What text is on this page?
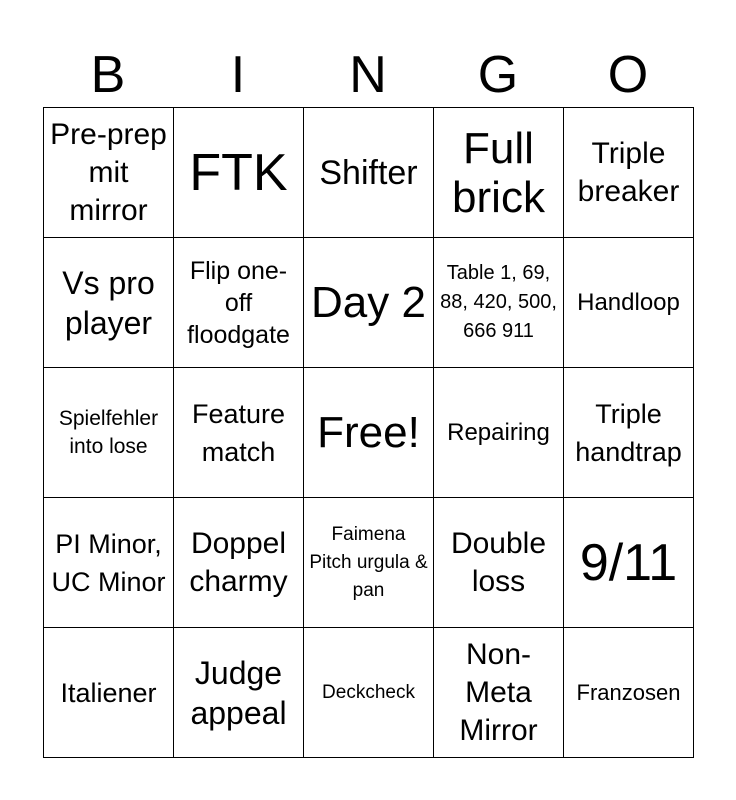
B	I	N	G	O
Pre-prep mit mirror	FTK	Shifter	Full brick	Triple breaker

Vs pro player	Flip one-off floodgate	Day 2	Table 1, 69, 88, 420, 500, 666 911	Handloop

Spielfehler into lose	Feature match	Free!	Repairing	Triple handtrap

PI Minor, UC Minor	Doppel charmy	Faimena Pitch urgula & pan	Double loss	9/11

Italiener	Judge appeal	Deckcheck	Non-Meta Mirror	Franzosen
